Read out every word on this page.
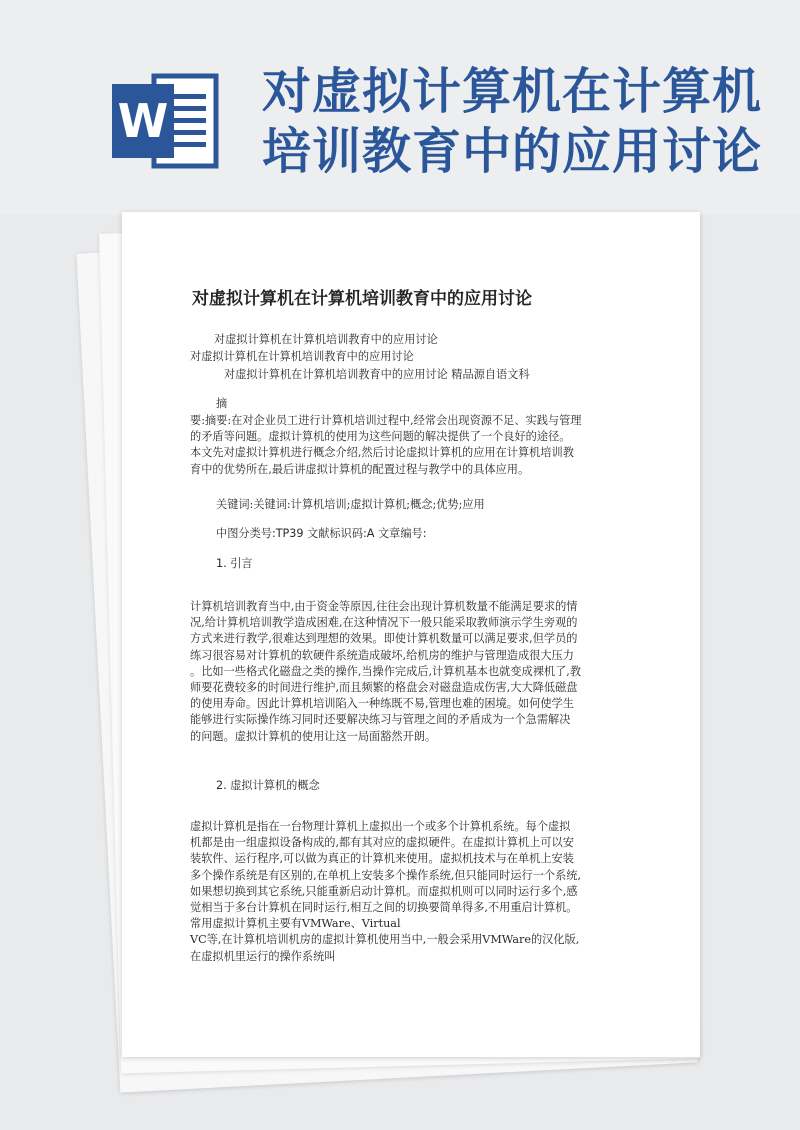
W
对虚拟计算机在计算机
培训教育中的应用讨论
对虚拟计算机在计算机培训教育中的应用讨论
对虚拟计算机在计算机培训教育中的应用讨论
对虚拟计算机在计算机培训教育中的应用讨论
对虚拟计算机在计算机培训教育中的应用讨论 精品源自语文科
摘
要:摘要:在对企业员工进行计算机培训过程中,经常会出现资源不足、实践与管理
的矛盾等问题。虚拟计算机的使用为这些问题的解决提供了一个良好的途径。
本文先对虚拟计算机进行概念介绍,然后讨论虚拟计算机的应用在计算机培训教
育中的优势所在,最后讲虚拟计算机的配置过程与教学中的具体应用。
关键词:关键词:计算机培训;虚拟计算机;概念;优势;应用
中图分类号:TP39 文献标识码:A 文章编号:
1. 引言
计算机培训教育当中,由于资金等原因,往往会出现计算机数量不能满足要求的情
况,给计算机培训教学造成困难,在这种情况下一般只能采取教师演示学生旁观的
方式来进行教学,很难达到理想的效果。即使计算机数量可以满足要求,但学员的
练习很容易对计算机的软硬件系统造成破坏,给机房的维护与管理造成很大压力
。比如一些格式化磁盘之类的操作,当操作完成后,计算机基本也就变成裸机了,教
师要花费较多的时间进行维护,而且频繁的格盘会对磁盘造成伤害,大大降低磁盘
的使用寿命。因此计算机培训陷入一种练既不易,管理也难的困境。如何使学生
能够进行实际操作练习同时还要解决练习与管理之间的矛盾成为一个急需解决
的问题。虚拟计算机的使用让这一局面豁然开朗。
2. 虚拟计算机的概念
虚拟计算机是指在一台物理计算机上虚拟出一个或多个计算机系统。每个虚拟
机都是由一组虚拟设备构成的,都有其对应的虚拟硬件。在虚拟计算机上可以安
装软件、运行程序,可以做为真正的计算机来使用。虚拟机技术与在单机上安装
多个操作系统是有区别的,在单机上安装多个操作系统,但只能同时运行一个系统,
如果想切换到其它系统,只能重新启动计算机。而虚拟机则可以同时运行多个,感
觉相当于多台计算机在同时运行,相互之间的切换要简单得多,不用重启计算机。
常用虚拟计算机主要有VMWare、Virtual
VC等,在计算机培训机房的虚拟计算机使用当中,一般会采用VMWare的汉化版,
在虚拟机里运行的操作系统叫
